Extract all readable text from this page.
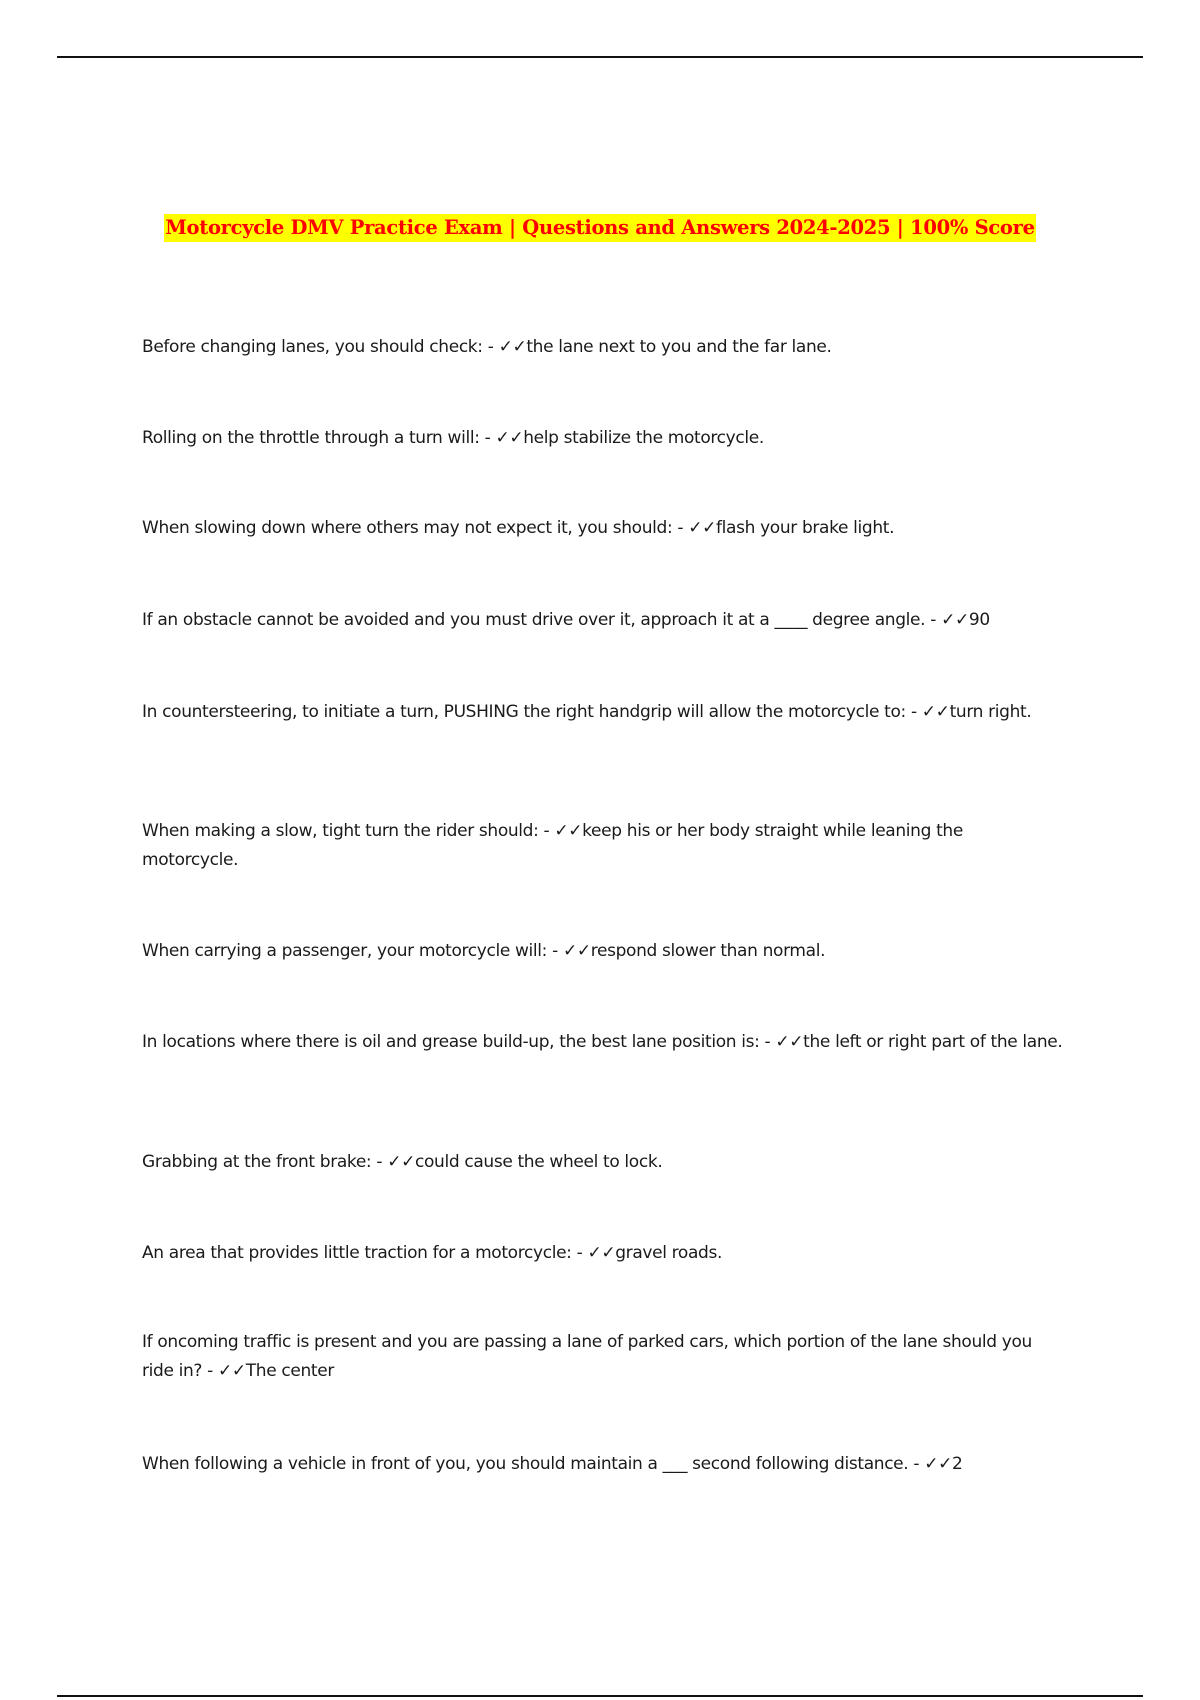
Motorcycle DMV Practice Exam | Questions and Answers 2024-2025 | 100% Score
Before changing lanes, you should check: - ✓✓the lane next to you and the far lane.
Rolling on the throttle through a turn will: - ✓✓help stabilize the motorcycle.
When slowing down where others may not expect it, you should: - ✓✓flash your brake light.
If an obstacle cannot be avoided and you must drive over it, approach it at a ____ degree angle. - ✓✓90
In countersteering, to initiate a turn, PUSHING the right handgrip will allow the motorcycle to: - ✓✓turn right.
When making a slow, tight turn the rider should: - ✓✓keep his or her body straight while leaning the motorcycle.
When carrying a passenger, your motorcycle will: - ✓✓respond slower than normal.
In locations where there is oil and grease build-up, the best lane position is: - ✓✓the left or right part of the lane.
Grabbing at the front brake: - ✓✓could cause the wheel to lock.
An area that provides little traction for a motorcycle: - ✓✓gravel roads.
If oncoming traffic is present and you are passing a lane of parked cars, which portion of the lane should you ride in? - ✓✓The center
When following a vehicle in front of you, you should maintain a ___ second following distance. - ✓✓2
